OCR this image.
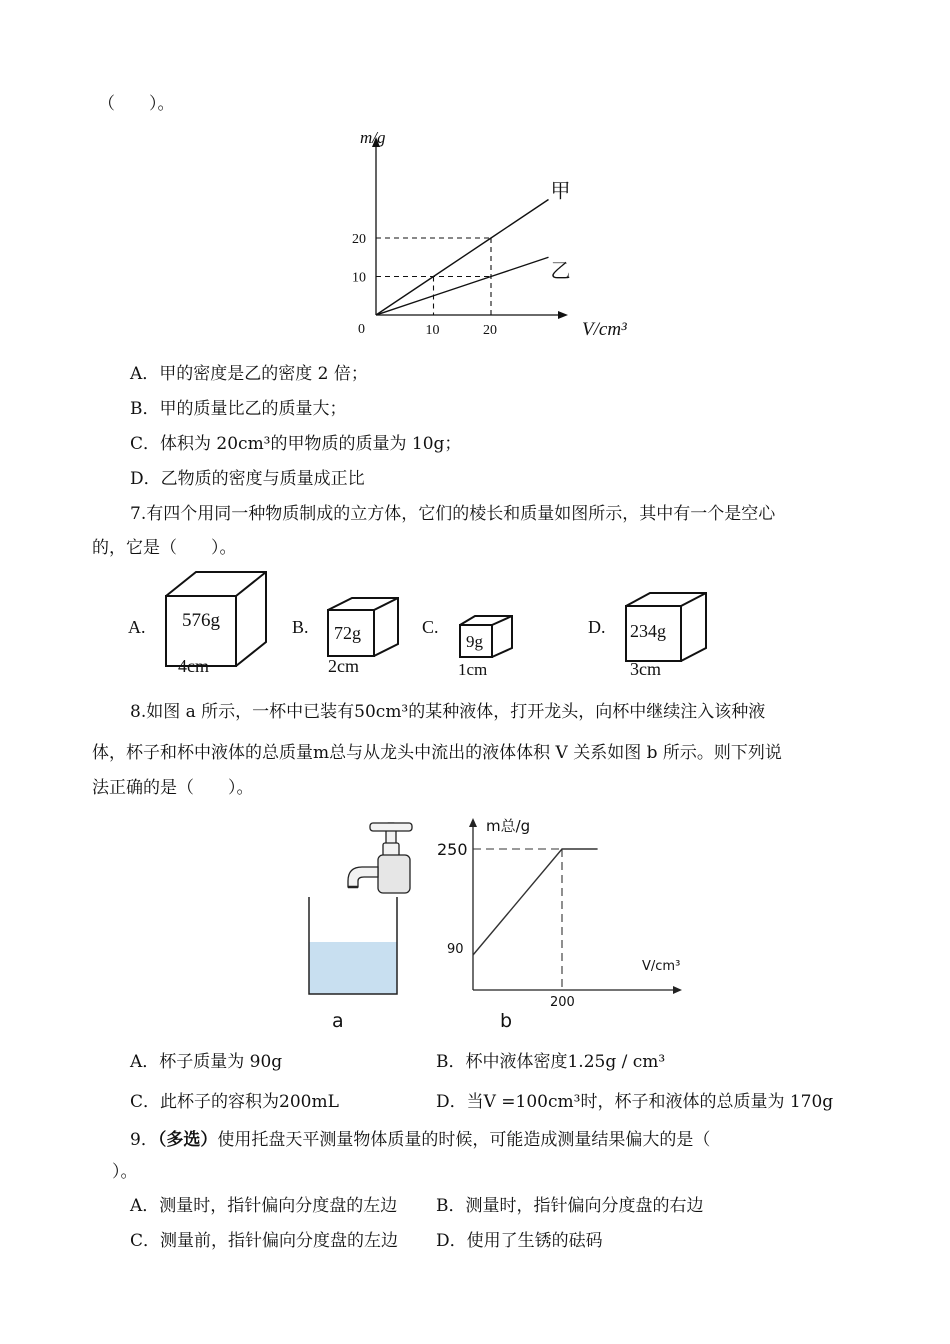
（　　）。
m/g
V/cm³
0	10	20
10
20
甲
乙
A．甲的密度是乙的密度 2 倍；
B．甲的质量比乙的质量大；
C．体积为 20cm³的甲物质的质量为 10g；
D．乙物质的密度与质量成正比
7.有四个用同一种物质制成的立方体，它们的棱长和质量如图所示，其中有一个是空心
的，它是（　　）。
A. 576g
4cm
B. 72g
2cm
C.
9g
1cm
D. 234g
3cm
8.如图 a 所示，一杯中已装有50cm³的某种液体，打开龙头，向杯中继续注入该种液
体，杯子和杯中液体的总质量m总与从龙头中流出的液体体积 V 关系如图 b 所示。则下列说
法正确的是（　　）。
a
m总/g
V/cm³
90
250
200
b
A．杯子质量为 90g	B．杯中液体密度1.25g / cm³
C．此杯子的容积为200mL	D．当V =100cm³时，杯子和液体的总质量为 170g
9．（多选）使用托盘天平测量物体质量的时候，可能造成测量结果偏大的是（
）。
A．测量时，指针偏向分度盘的左边 B．测量时，指针偏向分度盘的右边
C．测量前，指针偏向分度盘的左边 D．使用了生锈的砝码
